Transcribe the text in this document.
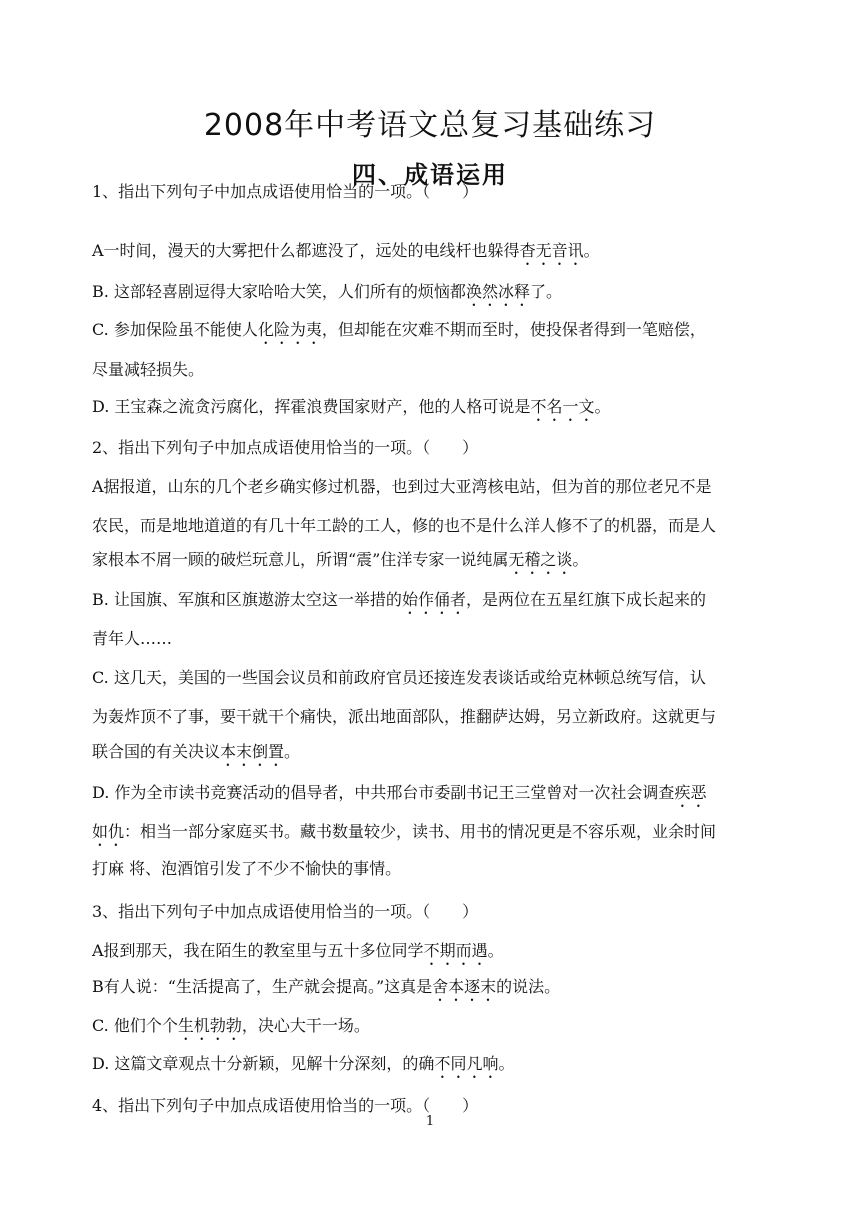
2008年中考语文总复习基础练习
四、成语运用
1、指出下列句子中加点成语使用恰当的一项。（　　）
A一时间，漫天的大雾把什么都遮没了，远处的电线杆也躲得杳无音讯。
B. 这部轻喜剧逗得大家哈哈大笑，人们所有的烦恼都涣然冰释了。
C. 参加保险虽不能使人化险为夷，但却能在灾难不期而至时，使投保者得到一笔赔偿，
尽量减轻损失。
D. 王宝森之流贪污腐化，挥霍浪费国家财产，他的人格可说是不名一文。
2、指出下列句子中加点成语使用恰当的一项。（　　）
A据报道，山东的几个老乡确实修过机器，也到过大亚湾核电站，但为首的那位老兄不是
农民，而是地地道道的有几十年工龄的工人，修的也不是什么洋人修不了的机器，而是人
家根本不屑一顾的破烂玩意儿，所谓“震”住洋专家一说纯属无稽之谈。
B. 让国旗、军旗和区旗遨游太空这一举措的始作俑者，是两位在五星红旗下成长起来的
青年人……
C. 这几天，美国的一些国会议员和前政府官员还接连发表谈话或给克林顿总统写信，认
为轰炸顶不了事，要干就干个痛快，派出地面部队，推翻萨达姆，另立新政府。这就更与
联合国的有关决议本末倒置。
D. 作为全市读书竞赛活动的倡导者，中共邢台市委副书记王三堂曾对一次社会调查疾恶
如仇：相当一部分家庭买书。藏书数量较少，读书、用书的情况更是不容乐观，业余时间
打麻 将、泡酒馆引发了不少不愉快的事情。
3、指出下列句子中加点成语使用恰当的一项。（　　）
A报到那天，我在陌生的教室里与五十多位同学不期而遇。
B有人说：“生活提高了，生产就会提高。”这真是舍本逐末的说法。
C. 他们个个生机勃勃，决心大干一场。
D. 这篇文章观点十分新颖，见解十分深刻，的确不同凡响。
4、指出下列句子中加点成语使用恰当的一项。（　　）
1
